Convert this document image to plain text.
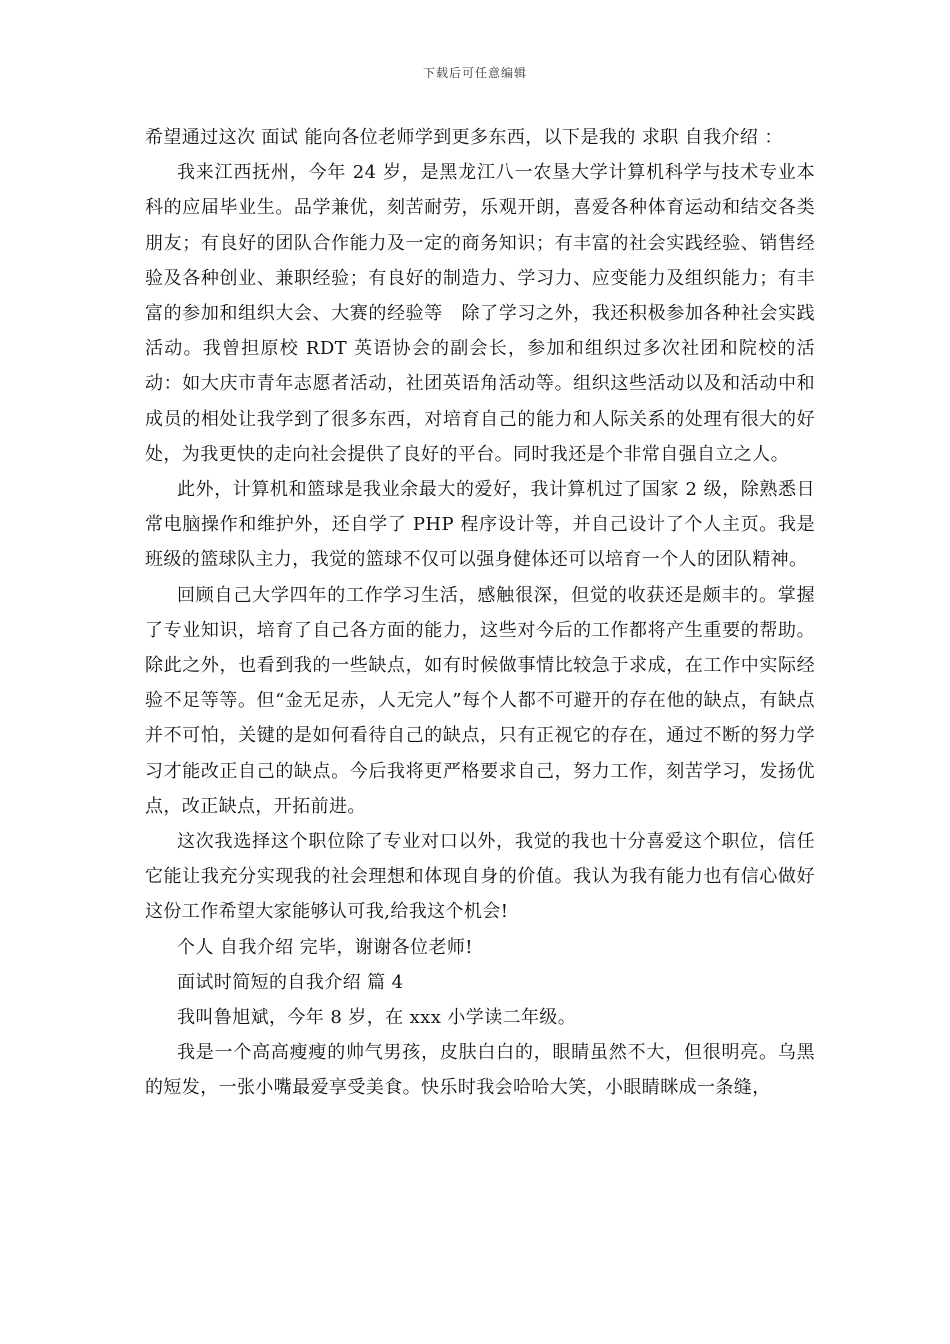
下载后可任意编辑

希望通过这次 面试 能向各位老师学到更多东西，以下是我的 求职 自我介绍 ：

我来江西抚州，今年 24 岁，是黑龙江八一农垦大学计算机科学与技术专业本科的应届毕业生。品学兼优，刻苦耐劳，乐观开朗，喜爱各种体育运动和结交各类朋友；有良好的团队合作能力及一定的商务知识；有丰富的社会实践经验、销售经验及各种创业、兼职经验；有良好的制造力、学习力、应变能力及组织能力；有丰富的参加和组织大会、大赛的经验等　除了学习之外，我还积极参加各种社会实践活动。我曾担原校 RDT 英语协会的副会长，参加和组织过多次社团和院校的活动：如大庆市青年志愿者活动，社团英语角活动等。组织这些活动以及和活动中和成员的相处让我学到了很多东西，对培育自己的能力和人际关系的处理有很大的好处，为我更快的走向社会提供了良好的平台。同时我还是个非常自强自立之人。

此外，计算机和篮球是我业余最大的爱好，我计算机过了国家 2 级，除熟悉日常电脑操作和维护外，还自学了 PHP 程序设计等，并自己设计了个人主页。我是班级的篮球队主力，我觉的篮球不仅可以强身健体还可以培育一个人的团队精神。

回顾自己大学四年的工作学习生活，感触很深，但觉的收获还是颇丰的。掌握了专业知识，培育了自己各方面的能力，这些对今后的工作都将产生重要的帮助。除此之外，也看到我的一些缺点，如有时候做事情比较急于求成，在工作中实际经验不足等等。但“金无足赤，人无完人”每个人都不可避开的存在他的缺点，有缺点并不可怕，关键的是如何看待自己的缺点，只有正视它的存在，通过不断的努力学习才能改正自己的缺点。今后我将更严格要求自己，努力工作，刻苦学习，发扬优点，改正缺点，开拓前进。

这次我选择这个职位除了专业对口以外，我觉的我也十分喜爱这个职位，信任它能让我充分实现我的社会理想和体现自身的价值。我认为我有能力也有信心做好这份工作希望大家能够认可我,给我这个机会!

个人 自我介绍 完毕，谢谢各位老师!

面试时简短的自我介绍 篇 4

我叫鲁旭斌，今年 8 岁，在 xxx 小学读二年级。

我是一个高高瘦瘦的帅气男孩，皮肤白白的，眼睛虽然不大，但很明亮。乌黑的短发，一张小嘴最爱享受美食。快乐时我会哈哈大笑，小眼睛眯成一条缝，
